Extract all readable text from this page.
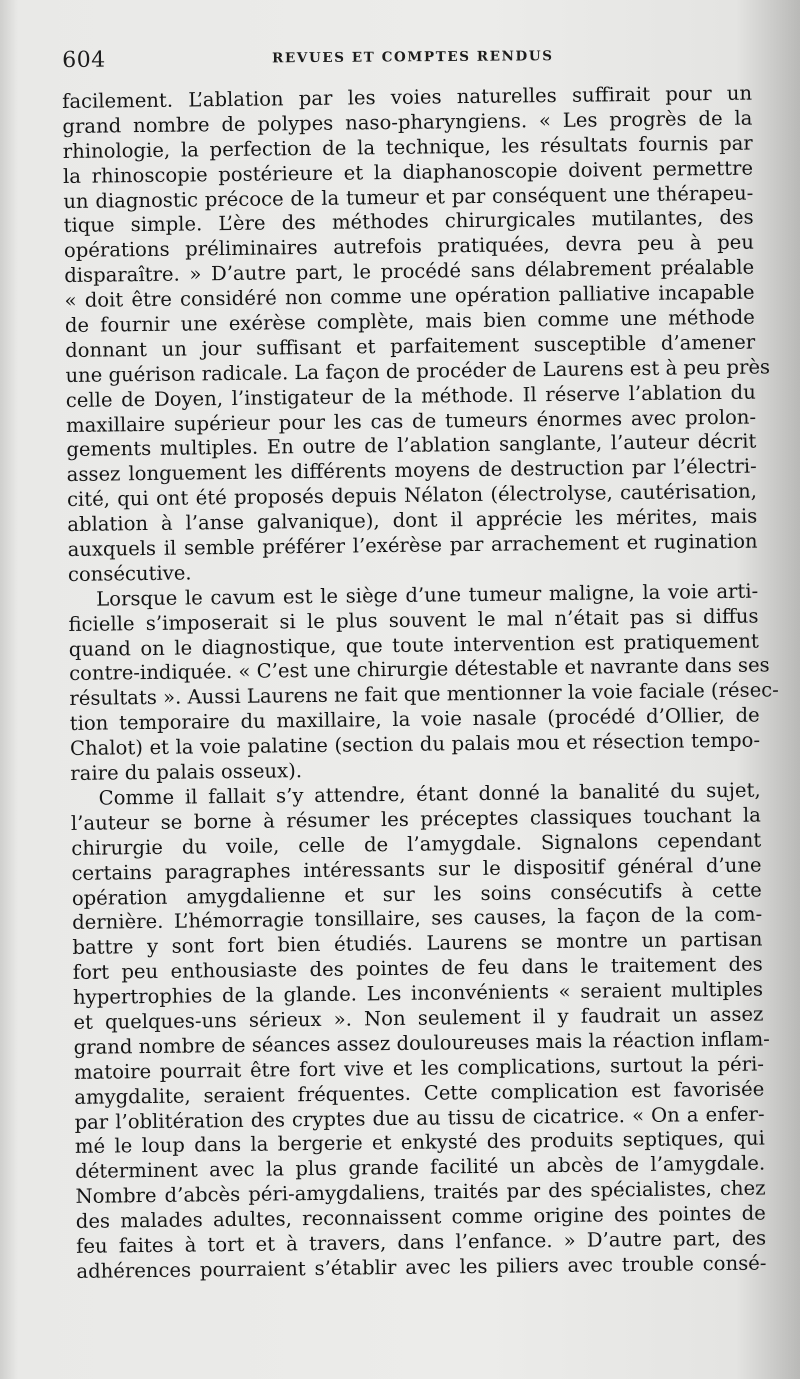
604	REVUES ET COMPTES RENDUS
facilement. L’ablation par les voies naturelles suffirait pour un
grand nombre de polypes naso-pharyngiens. « Les progrès de la
rhinologie, la perfection de la technique, les résultats fournis par
la rhinoscopie postérieure et la diaphanoscopie doivent permettre
un diagnostic précoce de la tumeur et par conséquent une thérapeu-
tique simple. L’ère des méthodes chirurgicales mutilantes, des
opérations préliminaires autrefois pratiquées, devra peu à peu
disparaître. » D’autre part, le procédé sans délabrement préalable
« doit être considéré non comme une opération palliative incapable
de fournir une exérèse complète, mais bien comme une méthode
donnant un jour suffisant et parfaitement susceptible d’amener
une guérison radicale. La façon de procéder de Laurens est à peu près
celle de Doyen, l’instigateur de la méthode. Il réserve l’ablation du
maxillaire supérieur pour les cas de tumeurs énormes avec prolon-
gements multiples. En outre de l’ablation sanglante, l’auteur décrit
assez longuement les différents moyens de destruction par l’électri-
cité, qui ont été proposés depuis Nélaton (électrolyse, cautérisation,
ablation à l’anse galvanique), dont il apprécie les mérites, mais
auxquels il semble préférer l’exérèse par arrachement et rugination
consécutive.
Lorsque le cavum est le siège d’une tumeur maligne, la voie arti-
ficielle s’imposerait si le plus souvent le mal n’était pas si diffus
quand on le diagnostique, que toute intervention est pratiquement
contre-indiquée. « C’est une chirurgie détestable et navrante dans ses
résultats ». Aussi Laurens ne fait que mentionner la voie faciale (résec-
tion temporaire du maxillaire, la voie nasale (procédé d’Ollier, de
Chalot) et la voie palatine (section du palais mou et résection tempo-
raire du palais osseux).
Comme il fallait s’y attendre, étant donné la banalité du sujet,
l’auteur se borne à résumer les préceptes classiques touchant la
chirurgie du voile, celle de l’amygdale. Signalons cependant
certains paragraphes intéressants sur le dispositif général d’une
opération amygdalienne et sur les soins consécutifs à cette
dernière. L’hémorragie tonsillaire, ses causes, la façon de la com-
battre y sont fort bien étudiés. Laurens se montre un partisan
fort peu enthousiaste des pointes de feu dans le traitement des
hypertrophies de la glande. Les inconvénients « seraient multiples
et quelques-uns sérieux ». Non seulement il y faudrait un assez
grand nombre de séances assez douloureuses mais la réaction inflam-
matoire pourrait être fort vive et les complications, surtout la péri-
amygdalite, seraient fréquentes. Cette complication est favorisée
par l’oblitération des cryptes due au tissu de cicatrice. « On a enfer-
mé le loup dans la bergerie et enkysté des produits septiques, qui
déterminent avec la plus grande facilité un abcès de l’amygdale.
Nombre d’abcès péri-amygdaliens, traités par des spécialistes, chez
des malades adultes, reconnaissent comme origine des pointes de
feu faites à tort et à travers, dans l’enfance. » D’autre part, des
adhérences pourraient s’établir avec les piliers avec trouble consé-
